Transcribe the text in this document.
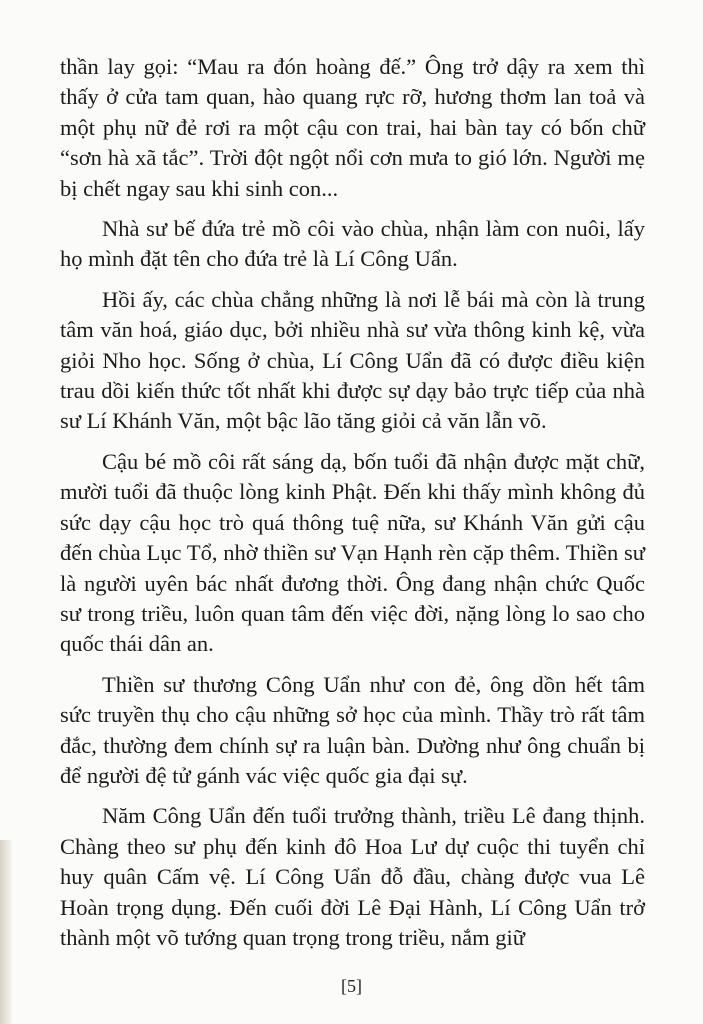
thần lay gọi: “Mau ra đón hoàng đế.” Ông trở dậy ra xem thì thấy ở cửa tam quan, hào quang rực rỡ, hương thơm lan toả và một phụ nữ đẻ rơi ra một cậu con trai, hai bàn tay có bốn chữ “sơn hà xã tắc”. Trời đột ngột nổi cơn mưa to gió lớn. Người mẹ bị chết ngay sau khi sinh con...

Nhà sư bế đứa trẻ mồ côi vào chùa, nhận làm con nuôi, lấy họ mình đặt tên cho đứa trẻ là Lí Công Uẩn.

Hồi ấy, các chùa chẳng những là nơi lễ bái mà còn là trung tâm văn hoá, giáo dục, bởi nhiều nhà sư vừa thông kinh kệ, vừa giỏi Nho học. Sống ở chùa, Lí Công Uẩn đã có được điều kiện trau dồi kiến thức tốt nhất khi được sự dạy bảo trực tiếp của nhà sư Lí Khánh Văn, một bậc lão tăng giỏi cả văn lẫn võ.

Cậu bé mồ côi rất sáng dạ, bốn tuổi đã nhận được mặt chữ, mười tuổi đã thuộc lòng kinh Phật. Đến khi thấy mình không đủ sức dạy cậu học trò quá thông tuệ nữa, sư Khánh Văn gửi cậu đến chùa Lục Tổ, nhờ thiền sư Vạn Hạnh rèn cặp thêm. Thiền sư là người uyên bác nhất đương thời. Ông đang nhận chức Quốc sư trong triều, luôn quan tâm đến việc đời, nặng lòng lo sao cho quốc thái dân an.

Thiền sư thương Công Uẩn như con đẻ, ông dồn hết tâm sức truyền thụ cho cậu những sở học của mình. Thầy trò rất tâm đắc, thường đem chính sự ra luận bàn. Dường như ông chuẩn bị để người đệ tử gánh vác việc quốc gia đại sự.

Năm Công Uẩn đến tuổi trưởng thành, triều Lê đang thịnh. Chàng theo sư phụ đến kinh đô Hoa Lư dự cuộc thi tuyển chỉ huy quân Cấm vệ. Lí Công Uẩn đỗ đầu, chàng được vua Lê Hoàn trọng dụng. Đến cuối đời Lê Đại Hành, Lí Công Uẩn trở thành một võ tướng quan trọng trong triều, nắm giữ

[5]
